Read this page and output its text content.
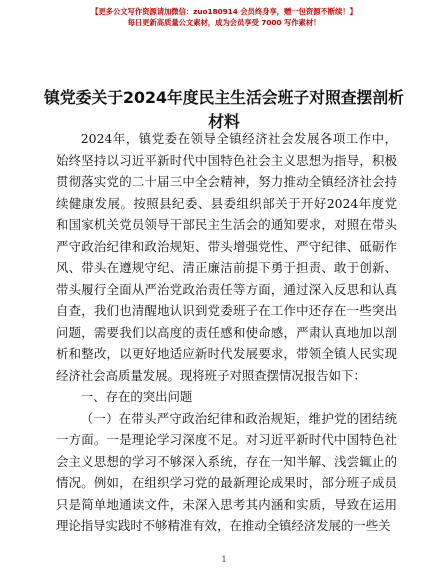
【更多公文写作资源请加微信：zuo180914 会员终身享，赠一包资源不断续！】
每日更新高质量公文素材，成为会员享受 7000 写作素材！
镇党委关于2024年度民主生活会班子对照查摆剖析材料

2024年，镇党委在领导全镇经济社会发展各项工作中，始终坚持以习近平新时代中国特色社会主义思想为指导，积极贯彻落实党的二十届三中全会精神，努力推动全镇经济社会持续健康发展。按照县纪委、县委组织部关于开好2024年度党和国家机关党员领导干部民主生活会的通知要求，对照在带头严守政治纪律和政治规矩、带头增强党性、严守纪律、砥砺作风、带头在遵规守纪、清正廉洁前提下勇于担责、敢于创新、带头履行全面从严治党政治责任等方面，通过深入反思和认真自查，我们也清醒地认识到党委班子在工作中还存在一些突出问题，需要我们以高度的责任感和使命感，严肃认真地加以剖析和整改，以更好地适应新时代发展要求，带领全镇人民实现经济社会高质量发展。现将班子对照查摆情况报告如下：

一、存在的突出问题

（一）在带头严守政治纪律和政治规矩，维护党的团结统一方面。一是理论学习深度不足。对习近平新时代中国特色社会主义思想的学习不够深入系统，存在一知半解、浅尝辄止的情况。例如，在组织学习党的最新理论成果时，部分班子成员只是简单地通读文件，未深入思考其内涵和实质，导致在运用理论指导实践时不够精准有效，在推动全镇经济发展的一些关

1
